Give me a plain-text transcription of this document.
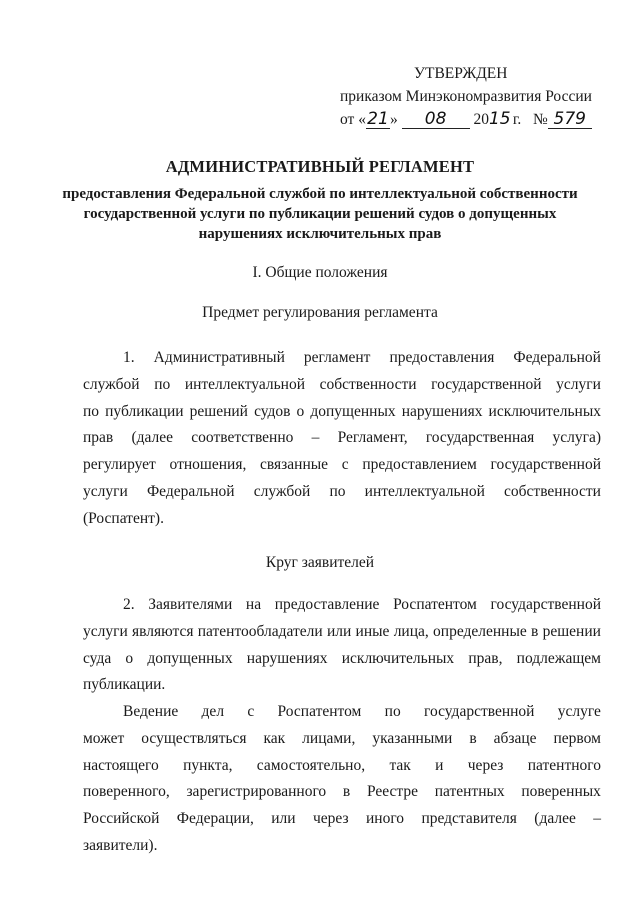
УТВЕРЖДЕН
приказом Минэкономразвития России
от «21» 08 2015 г. № 579
АДМИНИСТРАТИВНЫЙ РЕГЛАМЕНТ
предоставления Федеральной службой по интеллектуальной собственности
государственной услуги по публикации решений судов о допущенных
нарушениях исключительных прав
I. Общие положения
Предмет регулирования регламента
1. Административный регламент предоставления Федеральной
службой по интеллектуальной собственности государственной услуги
по публикации решений судов о допущенных нарушениях исключительных
прав (далее соответственно – Регламент, государственная услуга)
регулирует отношения, связанные с предоставлением государственной
услуги Федеральной службой по интеллектуальной собственности
(Роспатент).
Круг заявителей
2. Заявителями на предоставление Роспатентом государственной
услуги являются патентообладатели или иные лица, определенные в решении
суда о допущенных нарушениях исключительных прав, подлежащем
публикации.
Ведение дел с Роспатентом по государственной услуге
может осуществляться как лицами, указанными в абзаце первом
настоящего пункта, самостоятельно, так и через патентного
поверенного, зарегистрированного в Реестре патентных поверенных
Российской Федерации, или через иного представителя (далее –
заявители).
